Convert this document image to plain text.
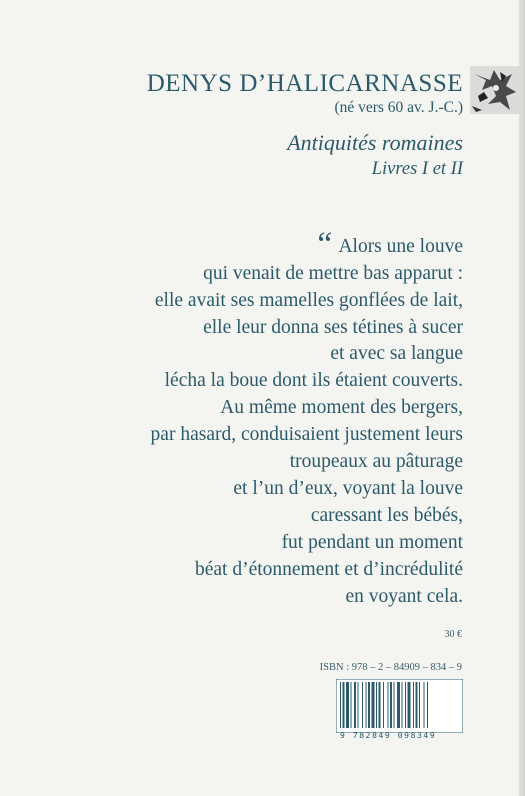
DENYS D’HALICARNASSE
(né vers 60 av. J.-C.)
Antiquités romaines
Livres I et II
“ Alors une louve
qui venait de mettre bas apparut :
elle avait ses mamelles gonflées de lait,
elle leur donna ses tétines à sucer
et avec sa langue
lécha la boue dont ils étaient couverts.
Au même moment des bergers,
par hasard, conduisaient justement leurs
troupeaux au pâturage
et l’un d’eux, voyant la louve
caressant les bébés,
fut pendant un moment
béat d’étonnement et d’incrédulité
en voyant cela.
30 €
ISBN : 978 – 2 – 84909 – 834 – 9
9 782849 098349
